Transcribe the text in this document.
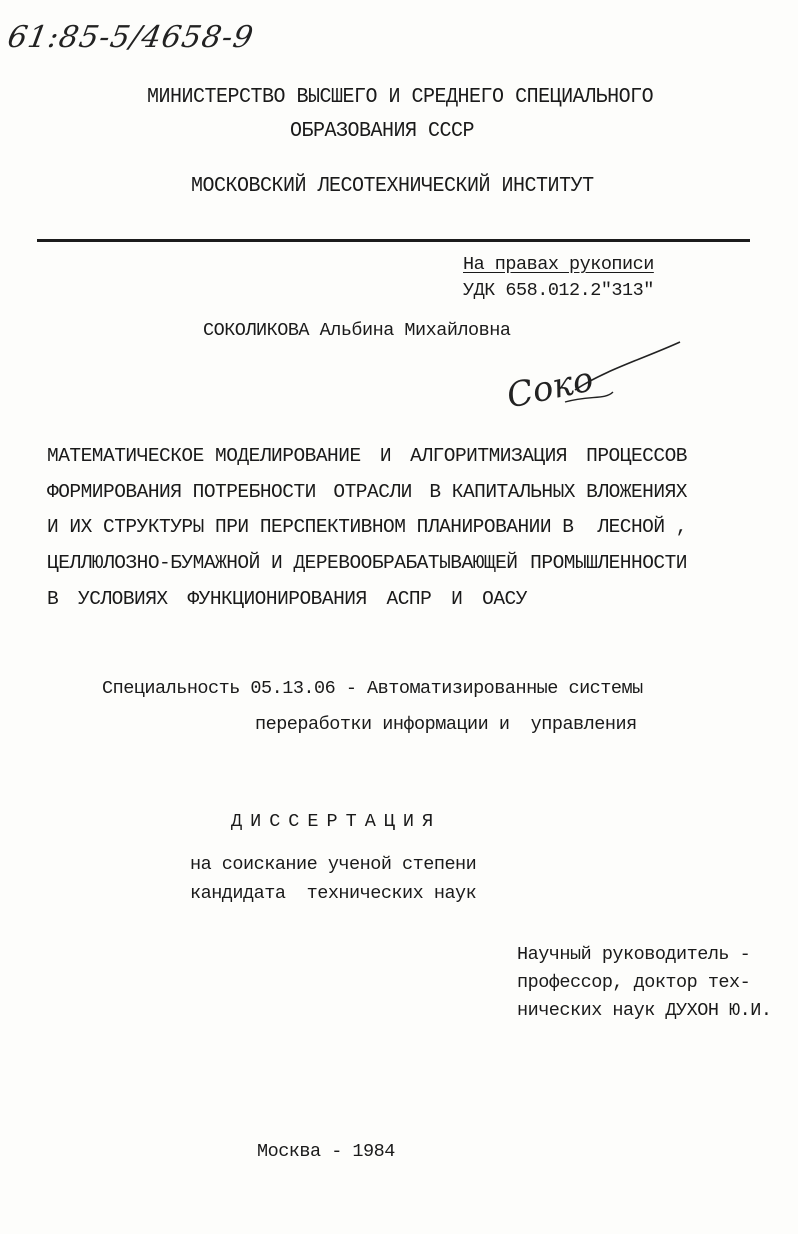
61:85-5/4658-9
МИНИСТЕРСТВО ВЫСШЕГО И СРЕДНЕГО СПЕЦИАЛЬНОГО
ОБРАЗОВАНИЯ СССР
МОСКОВСКИЙ ЛЕСОТЕХНИЧЕСКИЙ ИНСТИТУТ
На правах рукописи
УДК 658.012.2"313"
СОКОЛИКОВА Альбина Михайловна
Соко
МАТЕМАТИЧЕСКОЕ МОДЕЛИРОВАНИЕ И АЛГОРИТМИЗАЦИЯ ПРОЦЕССОВ
ФОРМИРОВАНИЯ ПОТРЕБНОСТИ ОТРАСЛИ В КАПИТАЛЬНЫХ ВЛОЖЕНИЯХ
И ИХ СТРУКТУРЫ ПРИ ПЕРСПЕКТИВНОМ ПЛАНИРОВАНИИ В ЛЕСНОЙ ,
ЦЕЛЛЮЛОЗНО-БУМАЖНОЙ И ДЕРЕВООБРАБАТЫВАЮЩЕЙ ПРОМЫШЛЕННОСТИ
В УСЛОВИЯХ ФУНКЦИОНИРОВАНИЯ АСПР И ОАСУ
Специальность 05.13.06 - Автоматизированные системы
переработки информации и  управления
ДИССЕРТАЦИЯ
на соискание ученой степени
кандидата  технических наук
Научный руководитель -
профессор, доктор тех-
нических наук ДУХОН Ю.И.
Москва - 1984
